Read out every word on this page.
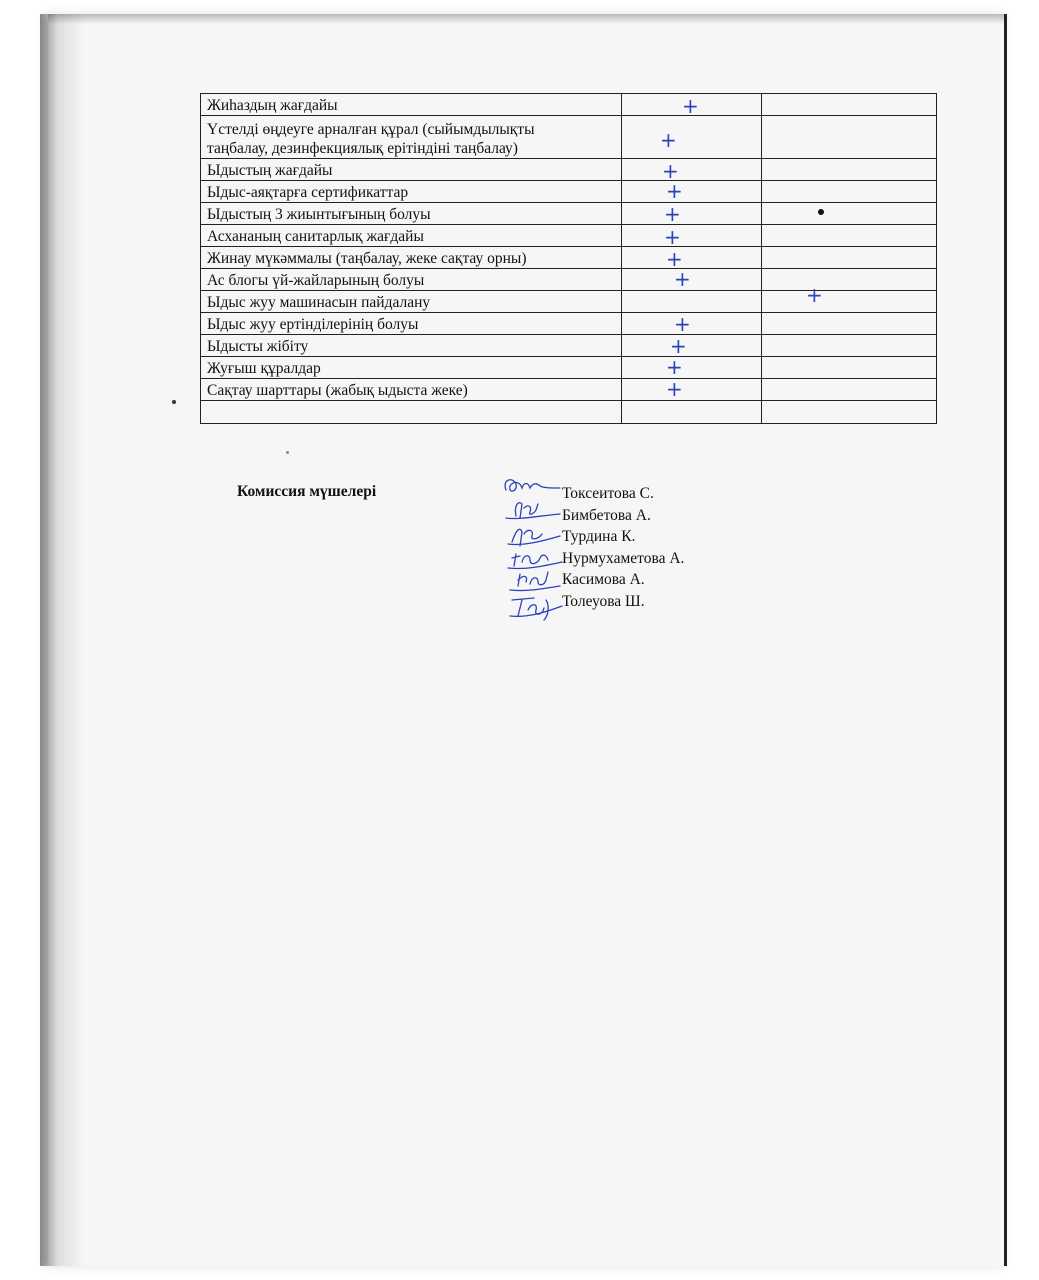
Жиһаздың жағдайы	+	

Үстелді өңдеуге арналған құрал (сыйымдылықты
таңбалау, дезинфекциялық ерітіндіні таңбалау)	+	

Ыдыстың жағдайы	+	

Ыдыс-аяқтарға сертификаттар	+	

Ыдыстың 3 жиынтығының болуы	+	

Асхананың санитарлық жағдайы	+	

Жинау мүкәммалы (таңбалау, жеке сақтау орны)	+	

Ас блогы үй-жайларының болуы	+	

Ыдыс жуу машинасын пайдалану		+

Ыдыс жуу ертінділерінің болуы	+	

Ыдысты жібіту	+	

Жуғыш құралдар	+	

Сақтау шарттары (жабық ыдыста жеке)	+	

Комиссия мүшелері	Токсеитова С.
Бимбетова А.
Турдина К.
Нурмухаметова А.
Касимова А.
Толеуова Ш.
